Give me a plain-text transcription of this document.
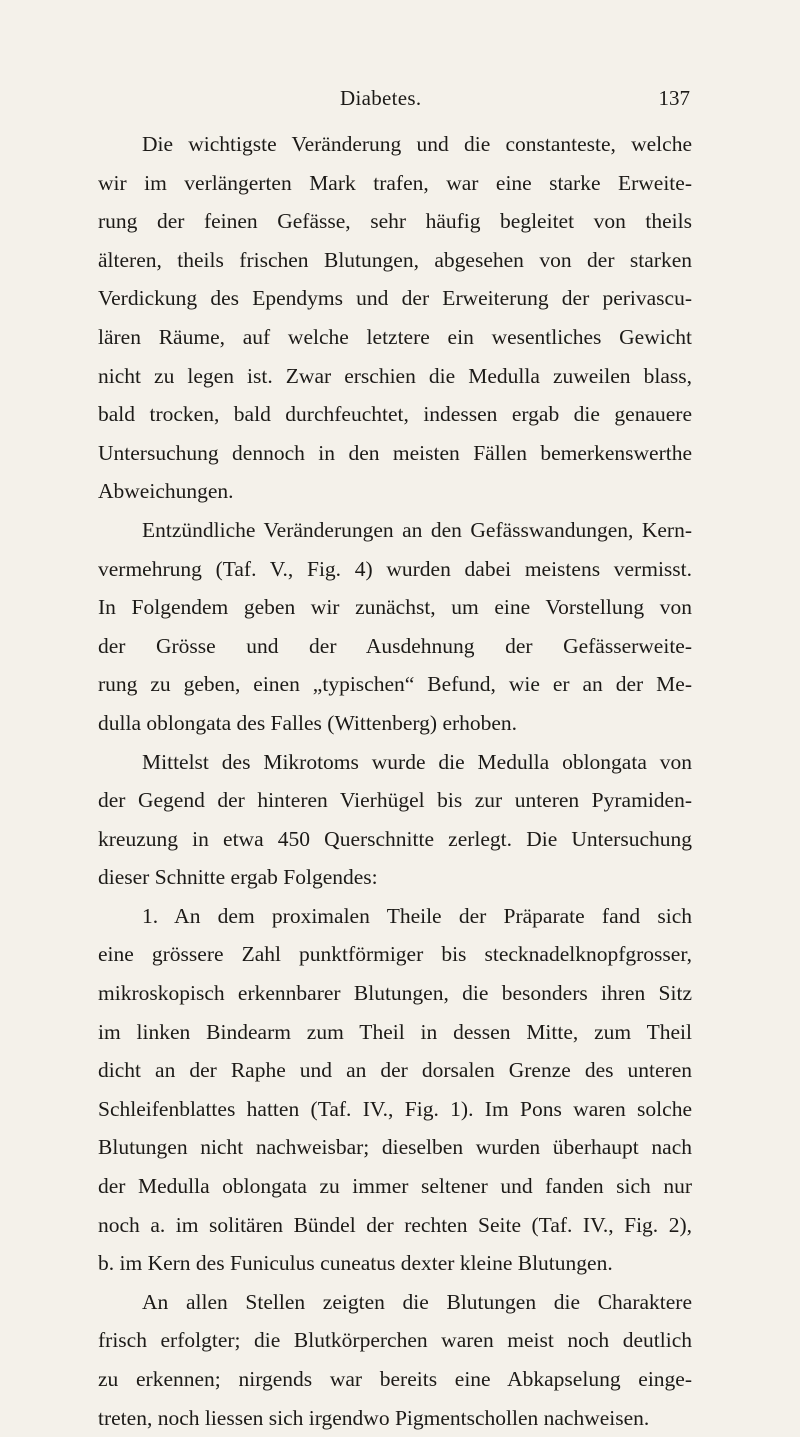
Diabetes.	137
Die wichtigste Veränderung und die constanteste, welche
wir im verlängerten Mark trafen, war eine starke Erweite-
rung der feinen Gefässe, sehr häufig begleitet von theils
älteren, theils frischen Blutungen, abgesehen von der starken
Verdickung des Ependyms und der Erweiterung der perivascu-
lären Räume, auf welche letztere ein wesentliches Gewicht
nicht zu legen ist. Zwar erschien die Medulla zuweilen blass,
bald trocken, bald durchfeuchtet, indessen ergab die genauere
Untersuchung dennoch in den meisten Fällen bemerkenswerthe
Abweichungen.
Entzündliche Veränderungen an den Gefässwandungen, Kern-
vermehrung (Taf. V., Fig. 4) wurden dabei meistens vermisst.
In Folgendem geben wir zunächst, um eine Vorstellung von
der Grösse und der Ausdehnung der Gefässerweite-
rung zu geben, einen „typischen“ Befund, wie er an der Me-
dulla oblongata des Falles (Wittenberg) erhoben.
Mittelst des Mikrotoms wurde die Medulla oblongata von
der Gegend der hinteren Vierhügel bis zur unteren Pyramiden-
kreuzung in etwa 450 Querschnitte zerlegt. Die Untersuchung
dieser Schnitte ergab Folgendes:
1. An dem proximalen Theile der Präparate fand sich
eine grössere Zahl punktförmiger bis stecknadelknopfgrosser,
mikroskopisch erkennbarer Blutungen, die besonders ihren Sitz
im linken Bindearm zum Theil in dessen Mitte, zum Theil
dicht an der Raphe und an der dorsalen Grenze des unteren
Schleifenblattes hatten (Taf. IV., Fig. 1). Im Pons waren solche
Blutungen nicht nachweisbar; dieselben wurden überhaupt nach
der Medulla oblongata zu immer seltener und fanden sich nur
noch a. im solitären Bündel der rechten Seite (Taf. IV., Fig. 2),
b. im Kern des Funiculus cuneatus dexter kleine Blutungen.
An allen Stellen zeigten die Blutungen die Charaktere
frisch erfolgter; die Blutkörperchen waren meist noch deutlich
zu erkennen; nirgends war bereits eine Abkapselung einge-
treten, noch liessen sich irgendwo Pigmentschollen nachweisen.
